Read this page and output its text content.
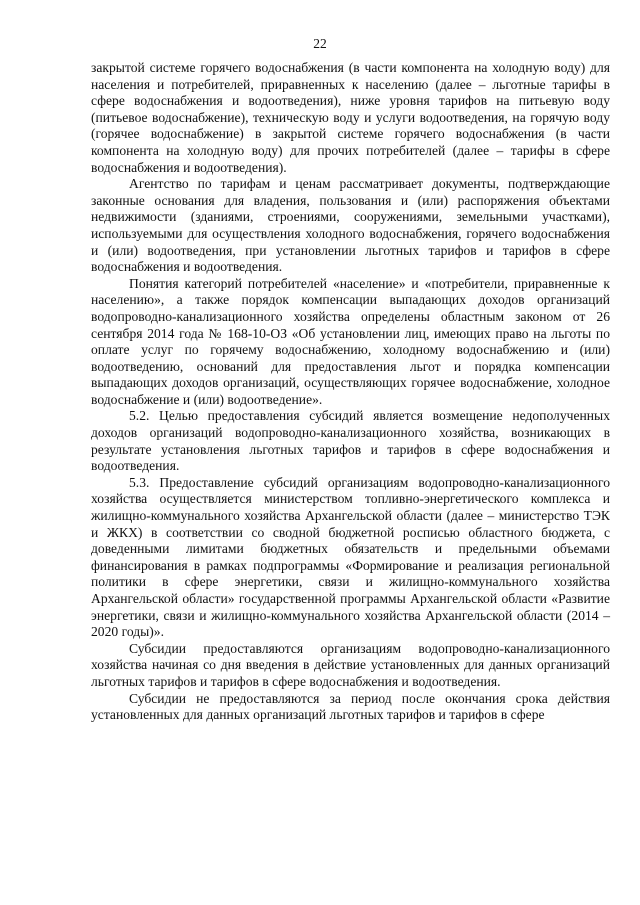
22

закрытой системе горячего водоснабжения (в части компонента на холодную воду) для населения и потребителей, приравненных к населению (далее – льготные тарифы в сфере водоснабжения и водоотведения), ниже уровня тарифов на питьевую воду (питьевое водоснабжение), техническую воду и услуги водоотведения, на горячую воду (горячее водоснабжение) в закрытой системе горячего водоснабжения (в части компонента на холодную воду) для прочих потребителей (далее – тарифы в сфере водоснабжения и водоотведения).

Агентство по тарифам и ценам рассматривает документы, подтверждающие законные основания для владения, пользования и (или) распоряжения объектами недвижимости (зданиями, строениями, сооружениями, земельными участками), используемыми для осуществления холодного водоснабжения, горячего водоснабжения и (или) водоотведения, при установлении льготных тарифов и тарифов в сфере водоснабжения и водоотведения.

Понятия категорий потребителей «население» и «потребители, приравненные к населению», а также порядок компенсации выпадающих доходов организаций водопроводно-канализационного хозяйства определены областным законом от 26 сентября 2014 года № 168-10-ОЗ «Об установлении лиц, имеющих право на льготы по оплате услуг по горячему водоснабжению, холодному водоснабжению и (или) водоотведению, оснований для предоставления льгот и порядка компенсации выпадающих доходов организаций, осуществляющих горячее водоснабжение, холодное водоснабжение и (или) водоотведение».

5.2. Целью предоставления субсидий является возмещение недополученных доходов организаций водопроводно-канализационного хозяйства, возникающих в результате установления льготных тарифов и тарифов в сфере водоснабжения и водоотведения.

5.3. Предоставление субсидий организациям водопроводно-канализационного хозяйства осуществляется министерством топливно-энергетического комплекса и жилищно-коммунального хозяйства Архангельской области (далее – министерство ТЭК и ЖКХ) в соответствии со сводной бюджетной росписью областного бюджета, с доведенными лимитами бюджетных обязательств и предельными объемами финансирования в рамках подпрограммы «Формирование и реализация региональной политики в сфере энергетики, связи и жилищно-коммунального хозяйства Архангельской области» государственной программы Архангельской области «Развитие энергетики, связи и жилищно-коммунального хозяйства Архангельской области (2014 – 2020 годы)».

Субсидии предоставляются организациям водопроводно-канализационного хозяйства начиная со дня введения в действие установленных для данных организаций льготных тарифов и тарифов в сфере водоснабжения и водоотведения.

Субсидии не предоставляются за период после окончания срока действия установленных для данных организаций льготных тарифов и тарифов в сфере
